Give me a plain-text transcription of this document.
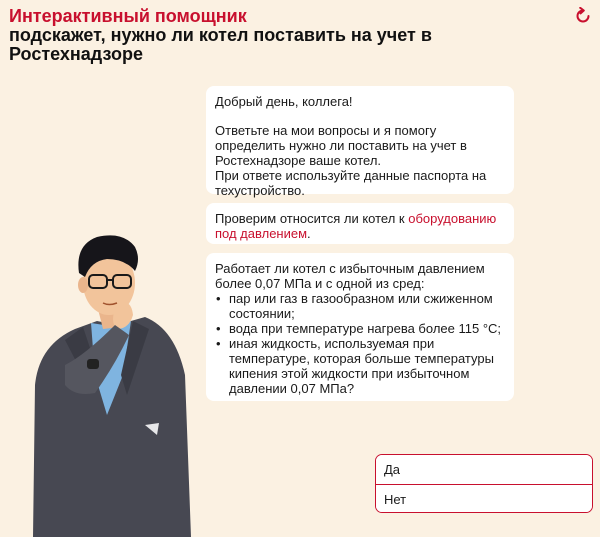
Интерактивный помощник
подскажет, нужно ли котел поставить на учет в Ростехнадзоре

Добрый день, коллега!

Ответьте на мои вопросы и я помогу определить нужно ли поставить на учет в Ростехнадзоре ваше котел.

При ответе используйте данные паспорта на техустройство.

Проверим относится ли котел к оборудованию под давлением.

Работает ли котел с избыточным давлением более 0,07 МПа и с одной из сред:

• пар или газ в газообразном или сжиженном состоянии;
• вода при температуре нагрева более 115 °С;
• иная жидкость, используемая при температуре, которая больше температуры кипения этой жидкости при избыточном давлении 0,07 МПа?
Да
Нет
